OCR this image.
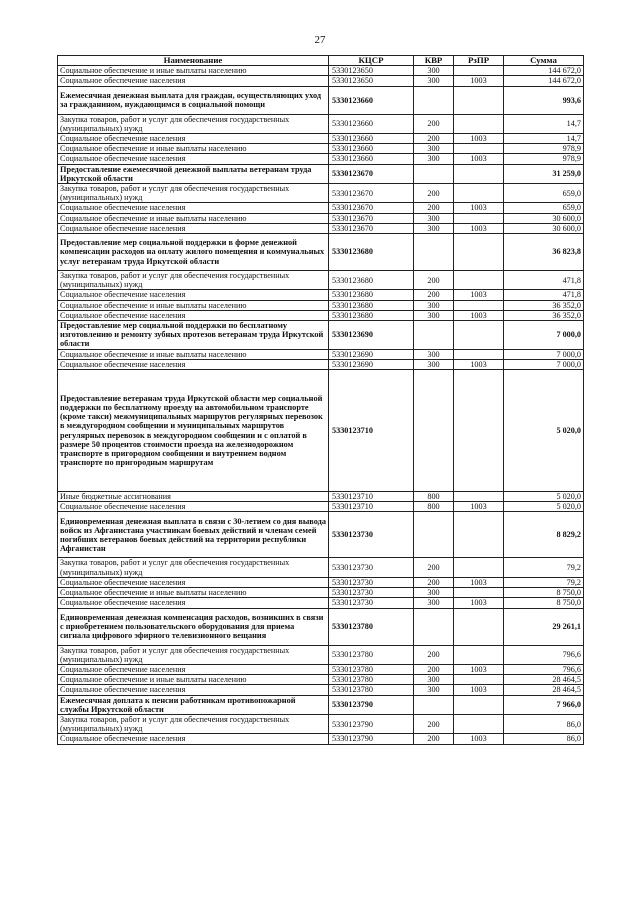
27
Наименование	КЦСР	КВР	РзПР	Сумма
Социальное обеспечение и иные выплаты населению	5330123650	300		144 672,0
Социальное обеспечение населения	5330123650	300	1003	144 672,0
Ежемесячная денежная выплата для граждан, осуществляющих уход за гражданином, нуждающимся в социальной помощи	5330123660			993,6
Закупка товаров, работ и услуг для обеспечения государственных (муниципальных) нужд	5330123660	200		14,7
Социальное обеспечение населения	5330123660	200	1003	14,7
Социальное обеспечение и иные выплаты населению	5330123660	300		978,9
Социальное обеспечение населения	5330123660	300	1003	978,9
Предоставление ежемесячной денежной выплаты ветеранам труда Иркутской области	5330123670			31 259,0
Закупка товаров, работ и услуг для обеспечения государственных (муниципальных) нужд	5330123670	200		659,0
Социальное обеспечение населения	5330123670	200	1003	659,0
Социальное обеспечение и иные выплаты населению	5330123670	300		30 600,0
Социальное обеспечение населения	5330123670	300	1003	30 600,0
Предоставление мер социальной поддержки в форме денежной компенсации расходов на оплату жилого помещения и коммунальных услуг ветеранам труда Иркутской области	5330123680			36 823,8
Закупка товаров, работ и услуг для обеспечения государственных (муниципальных) нужд	5330123680	200		471,8
Социальное обеспечение населения	5330123680	200	1003	471,8
Социальное обеспечение и иные выплаты населению	5330123680	300		36 352,0
Социальное обеспечение населения	5330123680	300	1003	36 352,0
Предоставление мер социальной поддержки по бесплатному изготовлению и ремонту зубных протезов ветеранам труда Иркутской области	5330123690			7 000,0
Социальное обеспечение и иные выплаты населению	5330123690	300		7 000,0
Социальное обеспечение населения	5330123690	300	1003	7 000,0
Предоставление ветеранам труда Иркутской области мер социальной поддержки по бесплатному проезду на автомобильном транспорте (кроме такси) межмуниципальных маршрутов регулярных перевозок в междугородном сообщении и муниципальных маршрутов регулярных перевозок в междугородном сообщении и с оплатой в размере 50 процентов стоимости проезда на железнодорожном транспорте в пригородном сообщении и внутреннем водном транспорте по пригородным маршрутам	5330123710			5 020,0
Иные бюджетные ассигнования	5330123710	800		5 020,0
Социальное обеспечение населения	5330123710	800	1003	5 020,0
Единовременная денежная выплата в связи с 30-летием со дня вывода войск из Афганистана участникам боевых действий и членам семей погибших ветеранов боевых действий на территории республики Афганистан	5330123730			8 829,2
Закупка товаров, работ и услуг для обеспечения государственных (муниципальных) нужд	5330123730	200		79,2
Социальное обеспечение населения	5330123730	200	1003	79,2
Социальное обеспечение и иные выплаты населению	5330123730	300		8 750,0
Социальное обеспечение населения	5330123730	300	1003	8 750,0
Единовременная денежная компенсация расходов, возникших в связи с приобретением пользовательского оборудования для приема сигнала цифрового эфирного телевизионного вещания	5330123780			29 261,1
Закупка товаров, работ и услуг для обеспечения государственных (муниципальных) нужд	5330123780	200		796,6
Социальное обеспечение населения	5330123780	200	1003	796,6
Социальное обеспечение и иные выплаты населению	5330123780	300		28 464,5
Социальное обеспечение населения	5330123780	300	1003	28 464,5
Ежемесячная доплата к пенсии работникам противопожарной службы Иркутской области	5330123790			7 966,0
Закупка товаров, работ и услуг для обеспечения государственных (муниципальных) нужд	5330123790	200		86,0
Социальное обеспечение населения	5330123790	200	1003	86,0
